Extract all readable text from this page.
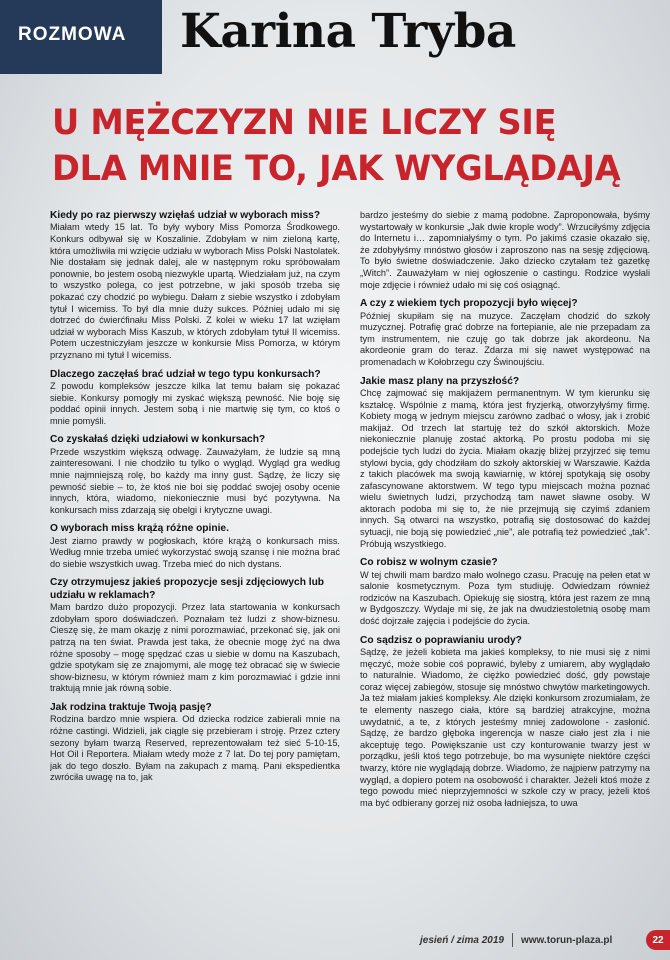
ROZMOWA	Karina Tryba
U MĘŻCZYZN NIE LICZY SIĘ
DLA MNIE TO, JAK WYGLĄDAJĄ
Kiedy po raz pierwszy wzięłaś udział w wyborach miss?
Miałam wtedy 15 lat. To były wybory Miss Pomorza Środkowego. Konkurs odbywał się w Koszalinie. Zdobyłam w nim zieloną kartę, która umożliwiła mi wzięcie udziału w wyborach Miss Polski Nastolatek. Nie dostałam się jednak dalej, ale w następnym roku spróbowałam ponownie, bo jestem osobą niezwykle upartą. Wiedziałam już, na czym to wszystko polega, co jest potrzebne, w jaki sposób trzeba się pokazać czy chodzić po wybiegu. Dałam z siebie wszystko i zdobyłam tytuł I wicemiss. To był dla mnie duży sukces. Później udało mi się dotrzeć do ćwierćfinału Miss Polski. Z kolei w wieku 17 lat wzięłam udział w wyborach Miss Kaszub, w których zdobyłam tytuł II wicemiss. Potem uczestniczyłam jeszcze w konkursie Miss Pomorza, w którym przyznano mi tytuł I wicemiss.
Dlaczego zaczęłaś brać udział w tego typu konkursach?
Z powodu kompleksów jeszcze kilka lat temu bałam się pokazać siebie. Konkursy pomogły mi zyskać większą pewność. Nie boję się poddać opinii innych. Jestem sobą i nie martwię się tym, co ktoś o mnie pomyśli.
Co zyskałaś dzięki udziałowi w konkursach?
Przede wszystkim większą odwagę. Zauważyłam, że ludzie są mną zainteresowani. I nie chodziło tu tylko o wygląd. Wygląd gra według mnie najmniejszą rolę, bo każdy ma inny gust. Sądzę, że liczy się pewność siebie – to, że ktoś nie boi się poddać swojej osoby ocenie innych, która, wiadomo, niekoniecznie musi być pozytywna. Na konkursach miss zdarzają się obelgi i krytyczne uwagi.
O wyborach miss krążą różne opinie.
Jest ziarno prawdy w pogłoskach, które krążą o konkursach miss. Według mnie trzeba umieć wykorzystać swoją szansę i nie można brać do siebie wszystkich uwag. Trzeba mieć do nich dystans.
Czy otrzymujesz jakieś propozycje sesji zdjęciowych lub udziału w reklamach?
Mam bardzo dużo propozycji. Przez lata startowania w konkursach zdobyłam sporo doświadczeń. Poznałam też ludzi z show-biznesu. Cieszę się, że mam okazję z nimi porozmawiać, przekonać się, jak oni patrzą na ten świat. Prawda jest taka, że obecnie mogę żyć na dwa różne sposoby – mogę spędzać czas u siebie w domu na Kaszubach, gdzie spotykam się ze znajomymi, ale mogę też obracać się w świecie show-biznesu, w którym również mam z kim porozmawiać i gdzie inni traktują mnie jak równą sobie.
Jak rodzina traktuje Twoją pasję?
Rodzina bardzo mnie wspiera. Od dziecka rodzice zabierali mnie na różne castingi. Widzieli, jak ciągle się przebieram i stroję. Przez cztery sezony byłam twarzą Reserved, reprezentowałam też sieć 5-10-15, Hot Oil i Reportera. Miałam wtedy może z 7 lat. Do tej pory pamiętam, jak do tego doszło. Byłam na zakupach z mamą. Pani ekspedientka zwróciła uwagę na to, jak
bardzo jesteśmy do siebie z mamą podobne. Zaproponowała, byśmy wystartowały w konkursie „Jak dwie krople wody”. Wrzuciłyśmy zdjęcia do Internetu i… zapomniałyśmy o tym. Po jakimś czasie okazało się, że zdobyłyśmy mnóstwo głosów i zaproszono nas na sesję zdjęciową. To było świetne doświadczenie. Jako dziecko czytałam też gazetkę „Witch”. Zauważyłam w niej ogłoszenie o castingu. Rodzice wysłali moje zdjęcie i również udało mi się coś osiągnąć.
A czy z wiekiem tych propozycji było więcej?
Później skupiłam się na muzyce. Zaczęłam chodzić do szkoły muzycznej. Potrafię grać dobrze na fortepianie, ale nie przepadam za tym instrumentem, nie czuję go tak dobrze jak akordeonu. Na akordeonie gram do teraz. Zdarza mi się nawet występować na promenadach w Kołobrzegu czy Świnoujściu.
Jakie masz plany na przyszłość?
Chcę zajmować się makijażem permanentnym. W tym kierunku się kształcę. Wspólnie z mamą, która jest fryzjerką, otworzyłyśmy firmę. Kobiety mogą w jednym miejscu zarówno zadbać o włosy, jak i zrobić makijaż. Od trzech lat startuję też do szkół aktorskich. Może niekoniecznie planuję zostać aktorką. Po prostu podoba mi się podejście tych ludzi do życia. Miałam okazję bliżej przyjrzeć się temu stylowi bycia, gdy chodziłam do szkoły aktorskiej w Warszawie. Każda z takich placówek ma swoją kawiarnię, w której spotykają się osoby zafascynowane aktorstwem. W tego typu miejscach można poznać wielu świetnych ludzi, przychodzą tam nawet sławne osoby. W aktorach podoba mi się to, że nie przejmują się czyimś zdaniem innych. Są otwarci na wszystko, potrafią się dostosować do każdej sytuacji, nie boją się powiedzieć „nie”, ale potrafią też powiedzieć „tak”. Próbują wszystkiego.
Co robisz w wolnym czasie?
W tej chwili mam bardzo mało wolnego czasu. Pracuję na pełen etat w salonie kosmetycznym. Poza tym studiuję. Odwiedzam również rodziców na Kaszubach. Opiekuję się siostrą, która jest razem ze mną w Bydgoszczy. Wydaje mi się, że jak na dwudziestoletnią osobę mam dość dojrzałe zajęcia i podejście do życia.
Co sądzisz o poprawianiu urody?
Sądzę, że jeżeli kobieta ma jakieś kompleksy, to nie musi się z nimi męczyć, może sobie coś poprawić, byleby z umiarem, aby wyglądało to naturalnie. Wiadomo, że ciężko powiedzieć dość, gdy powstaje coraz więcej zabiegów, stosuje się mnóstwo chwytów marketingowych. Ja też miałam jakieś kompleksy. Ale dzięki konkursom zrozumiałam, że te elementy naszego ciała, które są bardziej atrakcyjne, można uwydatnić, a te, z których jesteśmy mniej zadowolone - zasłonić. Sądzę, że bardzo głęboka ingerencja w nasze ciało jest zła i nie akceptuję tego. Powiększanie ust czy konturowanie twarzy jest w porządku, jeśli ktoś tego potrzebuje, bo ma wysunięte niektóre części twarzy, które nie wyglądają dobrze. Wiadomo, że najpierw patrzymy na wygląd, a dopiero potem na osobowość i charakter. Jeżeli ktoś może z tego powodu mieć nieprzyjemności w szkole czy w pracy, jeżeli ktoś ma być odbierany gorzej niż osoba ładniejsza, to uwa
jesień / zima 2019 www.torun-plaza.pl	22
